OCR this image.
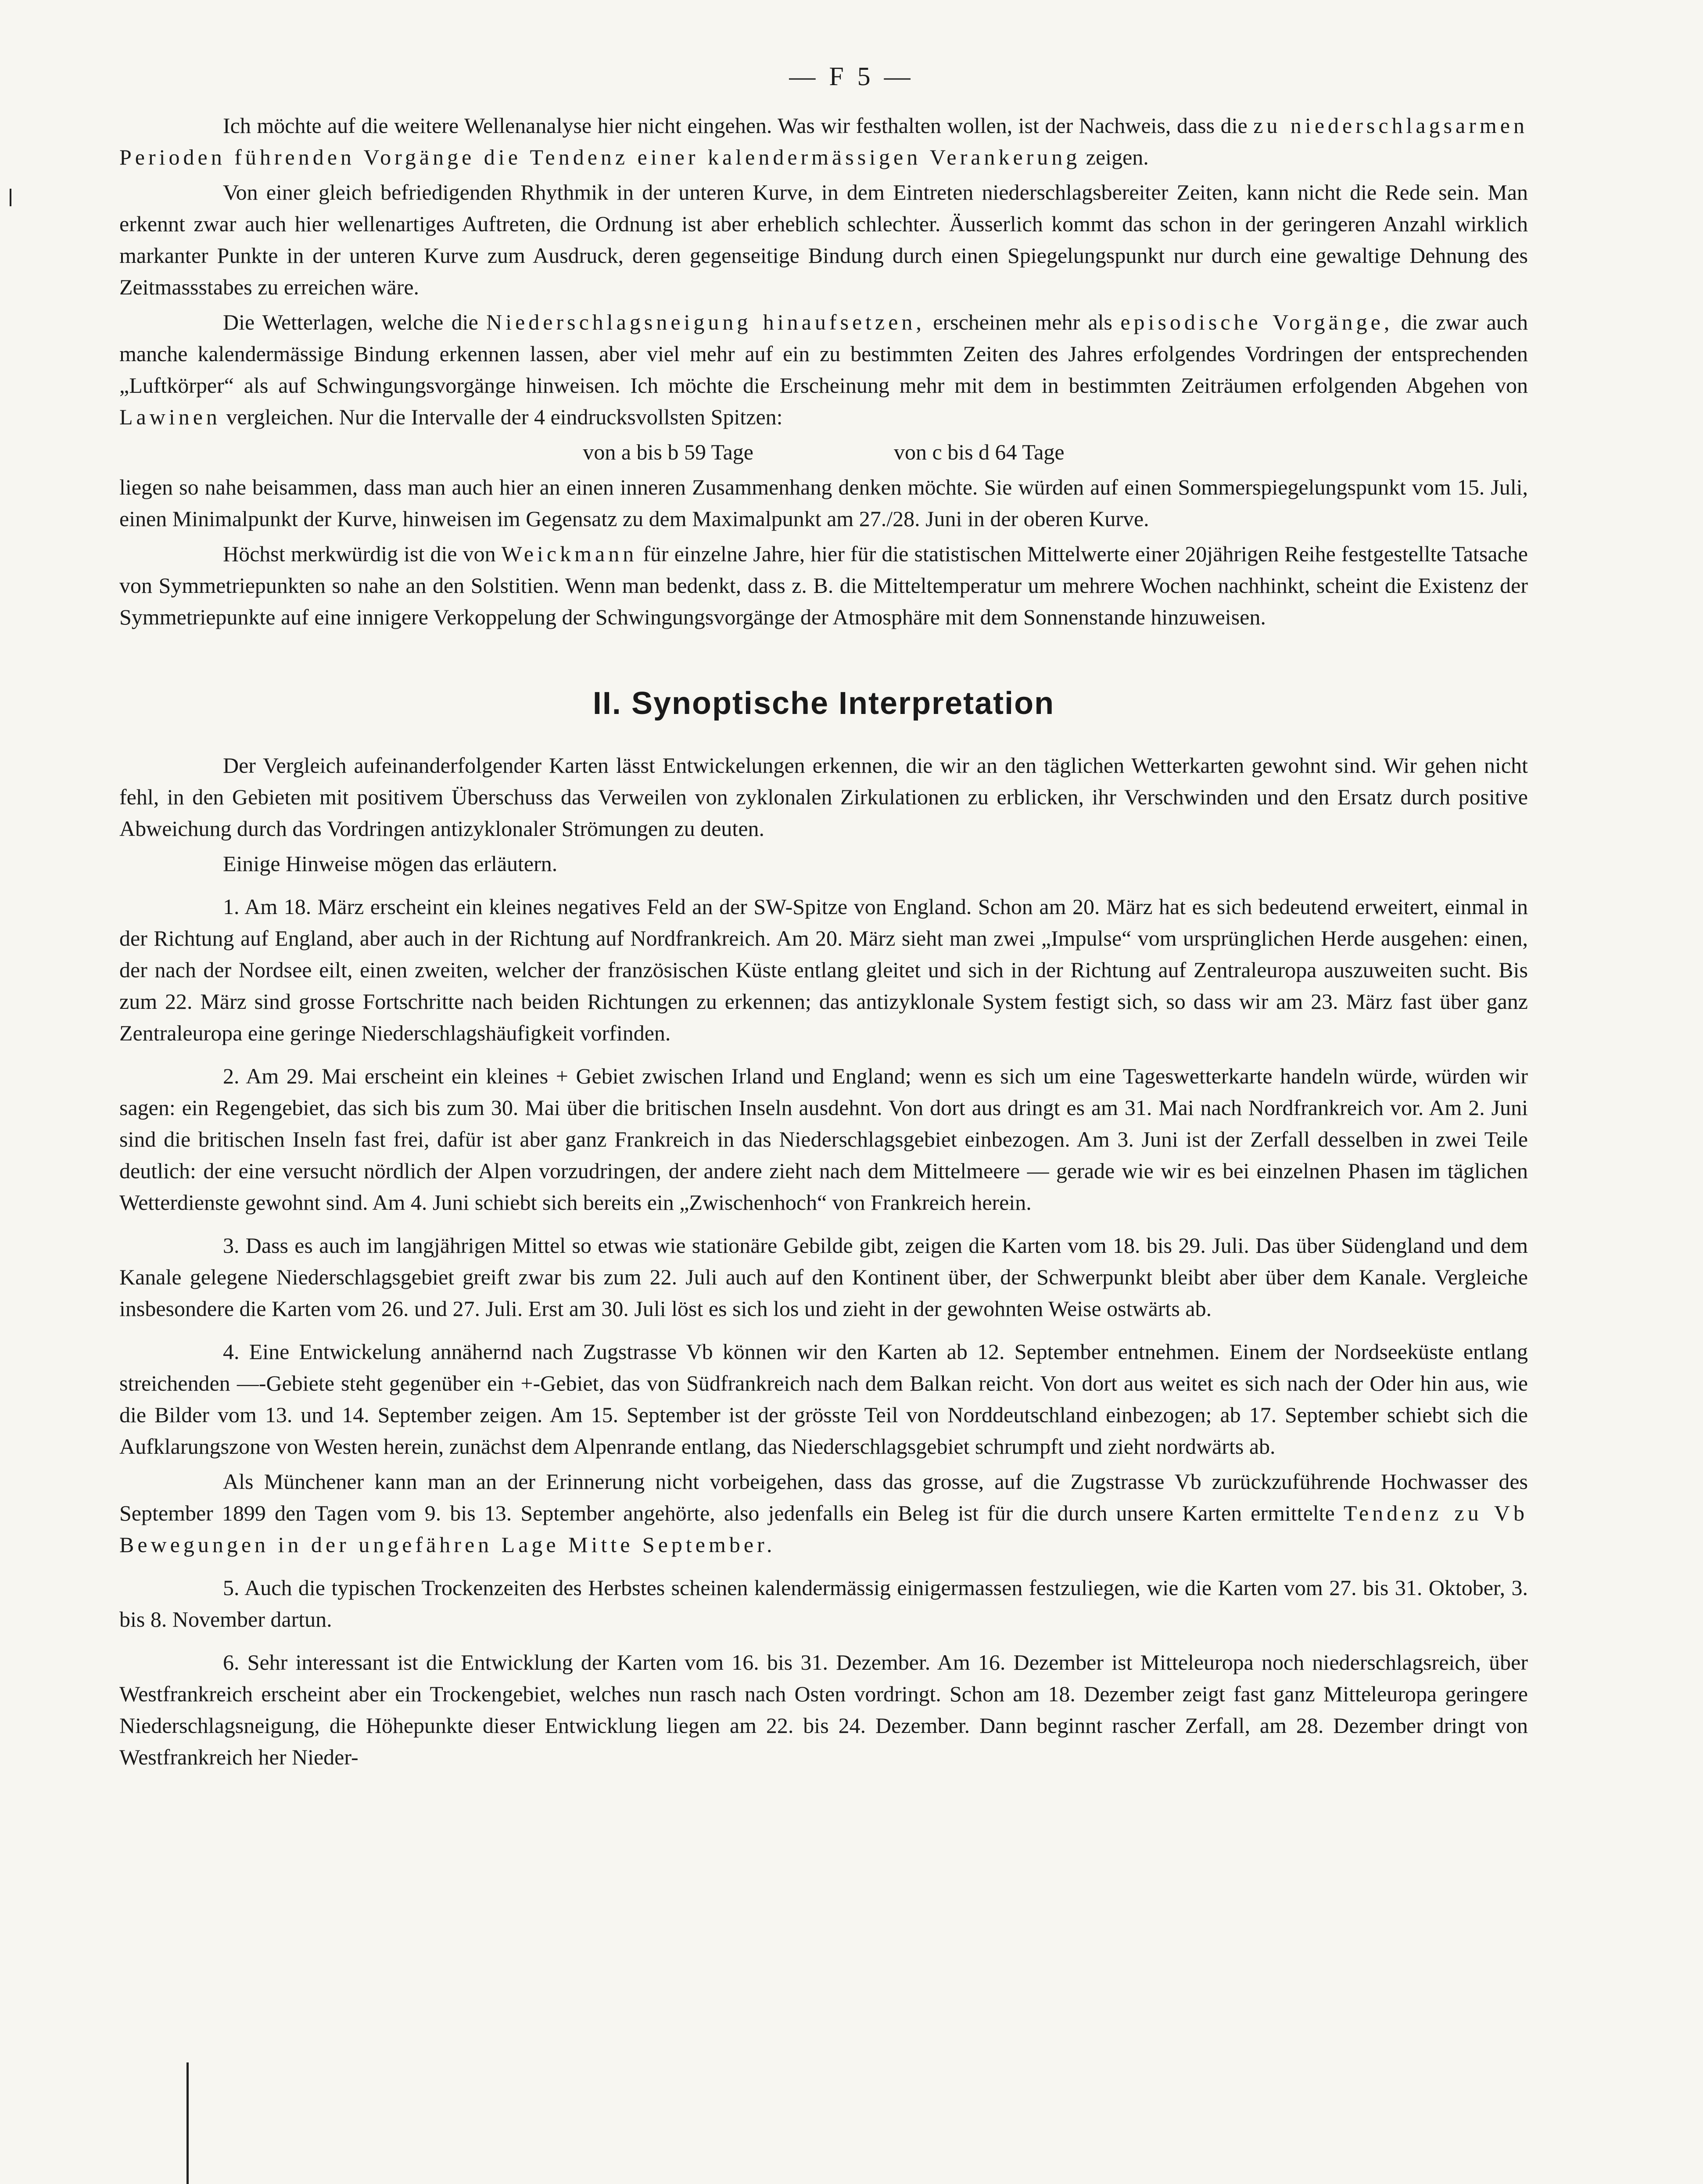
— F 5 —

Ich möchte auf die weitere Wellenanalyse hier nicht eingehen. Was wir festhalten wollen, ist der Nachweis, dass die zu niederschlagsarmen Perioden führenden Vorgänge die Tendenz einer kalendermässigen Verankerung zeigen.

Von einer gleich befriedigenden Rhythmik in der unteren Kurve, in dem Eintreten niederschlagsbereiter Zeiten, kann nicht die Rede sein. Man erkennt zwar auch hier wellenartiges Auftreten, die Ordnung ist aber erheblich schlechter. Äusserlich kommt das schon in der geringeren Anzahl wirklich markanter Punkte in der unteren Kurve zum Ausdruck, deren gegenseitige Bindung durch einen Spiegelungspunkt nur durch eine gewaltige Dehnung des Zeitmassstabes zu erreichen wäre.

Die Wetterlagen, welche die Niederschlagsneigung hinaufsetzen, erscheinen mehr als episodische Vorgänge, die zwar auch manche kalendermässige Bindung erkennen lassen, aber viel mehr auf ein zu bestimmten Zeiten des Jahres erfolgendes Vordringen der entsprechenden „Luftkörper“ als auf Schwingungsvorgänge hinweisen. Ich möchte die Erscheinung mehr mit dem in bestimmten Zeiträumen erfolgenden Abgehen von Lawinen vergleichen. Nur die Intervalle der 4 eindrucksvollsten Spitzen:

von a bis b 59 Tage	von c bis d 64 Tage

liegen so nahe beisammen, dass man auch hier an einen inneren Zusammenhang denken möchte. Sie würden auf einen Sommerspiegelungspunkt vom 15. Juli, einen Minimalpunkt der Kurve, hinweisen im Gegensatz zu dem Maximalpunkt am 27./28. Juni in der oberen Kurve.

Höchst merkwürdig ist die von Weickmann für einzelne Jahre, hier für die statistischen Mittelwerte einer 20jährigen Reihe festgestellte Tatsache von Symmetriepunkten so nahe an den Solstitien. Wenn man bedenkt, dass z. B. die Mitteltemperatur um mehrere Wochen nachhinkt, scheint die Existenz der Symmetriepunkte auf eine innigere Verkoppelung der Schwingungsvorgänge der Atmosphäre mit dem Sonnenstande hinzuweisen.

II. Synoptische Interpretation

Der Vergleich aufeinanderfolgender Karten lässt Entwickelungen erkennen, die wir an den täglichen Wetterkarten gewohnt sind. Wir gehen nicht fehl, in den Gebieten mit positivem Überschuss das Verweilen von zyklonalen Zirkulationen zu erblicken, ihr Verschwinden und den Ersatz durch positive Abweichung durch das Vordringen antizyklonaler Strömungen zu deuten.

Einige Hinweise mögen das erläutern.

1. Am 18. März erscheint ein kleines negatives Feld an der SW-Spitze von England. Schon am 20. März hat es sich bedeutend erweitert, einmal in der Richtung auf England, aber auch in der Richtung auf Nordfrankreich. Am 20. März sieht man zwei „Impulse“ vom ursprünglichen Herde ausgehen: einen, der nach der Nordsee eilt, einen zweiten, welcher der französischen Küste entlang gleitet und sich in der Richtung auf Zentraleuropa auszuweiten sucht. Bis zum 22. März sind grosse Fortschritte nach beiden Richtungen zu erkennen; das antizyklonale System festigt sich, so dass wir am 23. März fast über ganz Zentraleuropa eine geringe Niederschlagshäufigkeit vorfinden.

2. Am 29. Mai erscheint ein kleines + Gebiet zwischen Irland und England; wenn es sich um eine Tageswetterkarte handeln würde, würden wir sagen: ein Regengebiet, das sich bis zum 30. Mai über die britischen Inseln ausdehnt. Von dort aus dringt es am 31. Mai nach Nordfrankreich vor. Am 2. Juni sind die britischen Inseln fast frei, dafür ist aber ganz Frankreich in das Niederschlagsgebiet einbezogen. Am 3. Juni ist der Zerfall desselben in zwei Teile deutlich: der eine versucht nördlich der Alpen vorzudringen, der andere zieht nach dem Mittelmeere — gerade wie wir es bei einzelnen Phasen im täglichen Wetterdienste gewohnt sind. Am 4. Juni schiebt sich bereits ein „Zwischenhoch“ von Frankreich herein.

3. Dass es auch im langjährigen Mittel so etwas wie stationäre Gebilde gibt, zeigen die Karten vom 18. bis 29. Juli. Das über Südengland und dem Kanale gelegene Niederschlagsgebiet greift zwar bis zum 22. Juli auch auf den Kontinent über, der Schwerpunkt bleibt aber über dem Kanale. Vergleiche insbesondere die Karten vom 26. und 27. Juli. Erst am 30. Juli löst es sich los und zieht in der gewohnten Weise ostwärts ab.

4. Eine Entwickelung annähernd nach Zugstrasse Vb können wir den Karten ab 12. September entnehmen. Einem der Nordseeküste entlang streichenden —-Gebiete steht gegenüber ein +-Gebiet, das von Südfrankreich nach dem Balkan reicht. Von dort aus weitet es sich nach der Oder hin aus, wie die Bilder vom 13. und 14. September zeigen. Am 15. September ist der grösste Teil von Norddeutschland einbezogen; ab 17. September schiebt sich die Aufklarungszone von Westen herein, zunächst dem Alpenrande entlang, das Niederschlagsgebiet schrumpft und zieht nordwärts ab.

Als Münchener kann man an der Erinnerung nicht vorbeigehen, dass das grosse, auf die Zugstrasse Vb zurückzuführende Hochwasser des September 1899 den Tagen vom 9. bis 13. September angehörte, also jedenfalls ein Beleg ist für die durch unsere Karten ermittelte Tendenz zu Vb Bewegungen in der ungefähren Lage Mitte September.

5. Auch die typischen Trockenzeiten des Herbstes scheinen kalendermässig einigermassen festzuliegen, wie die Karten vom 27. bis 31. Oktober, 3. bis 8. November dartun.

6. Sehr interessant ist die Entwicklung der Karten vom 16. bis 31. Dezember. Am 16. Dezember ist Mitteleuropa noch niederschlagsreich, über Westfrankreich erscheint aber ein Trockengebiet, welches nun rasch nach Osten vordringt. Schon am 18. Dezember zeigt fast ganz Mitteleuropa geringere Niederschlagsneigung, die Höhepunkte dieser Entwicklung liegen am 22. bis 24. Dezember. Dann beginnt rascher Zerfall, am 28. Dezember dringt von Westfrankreich her Nieder-
